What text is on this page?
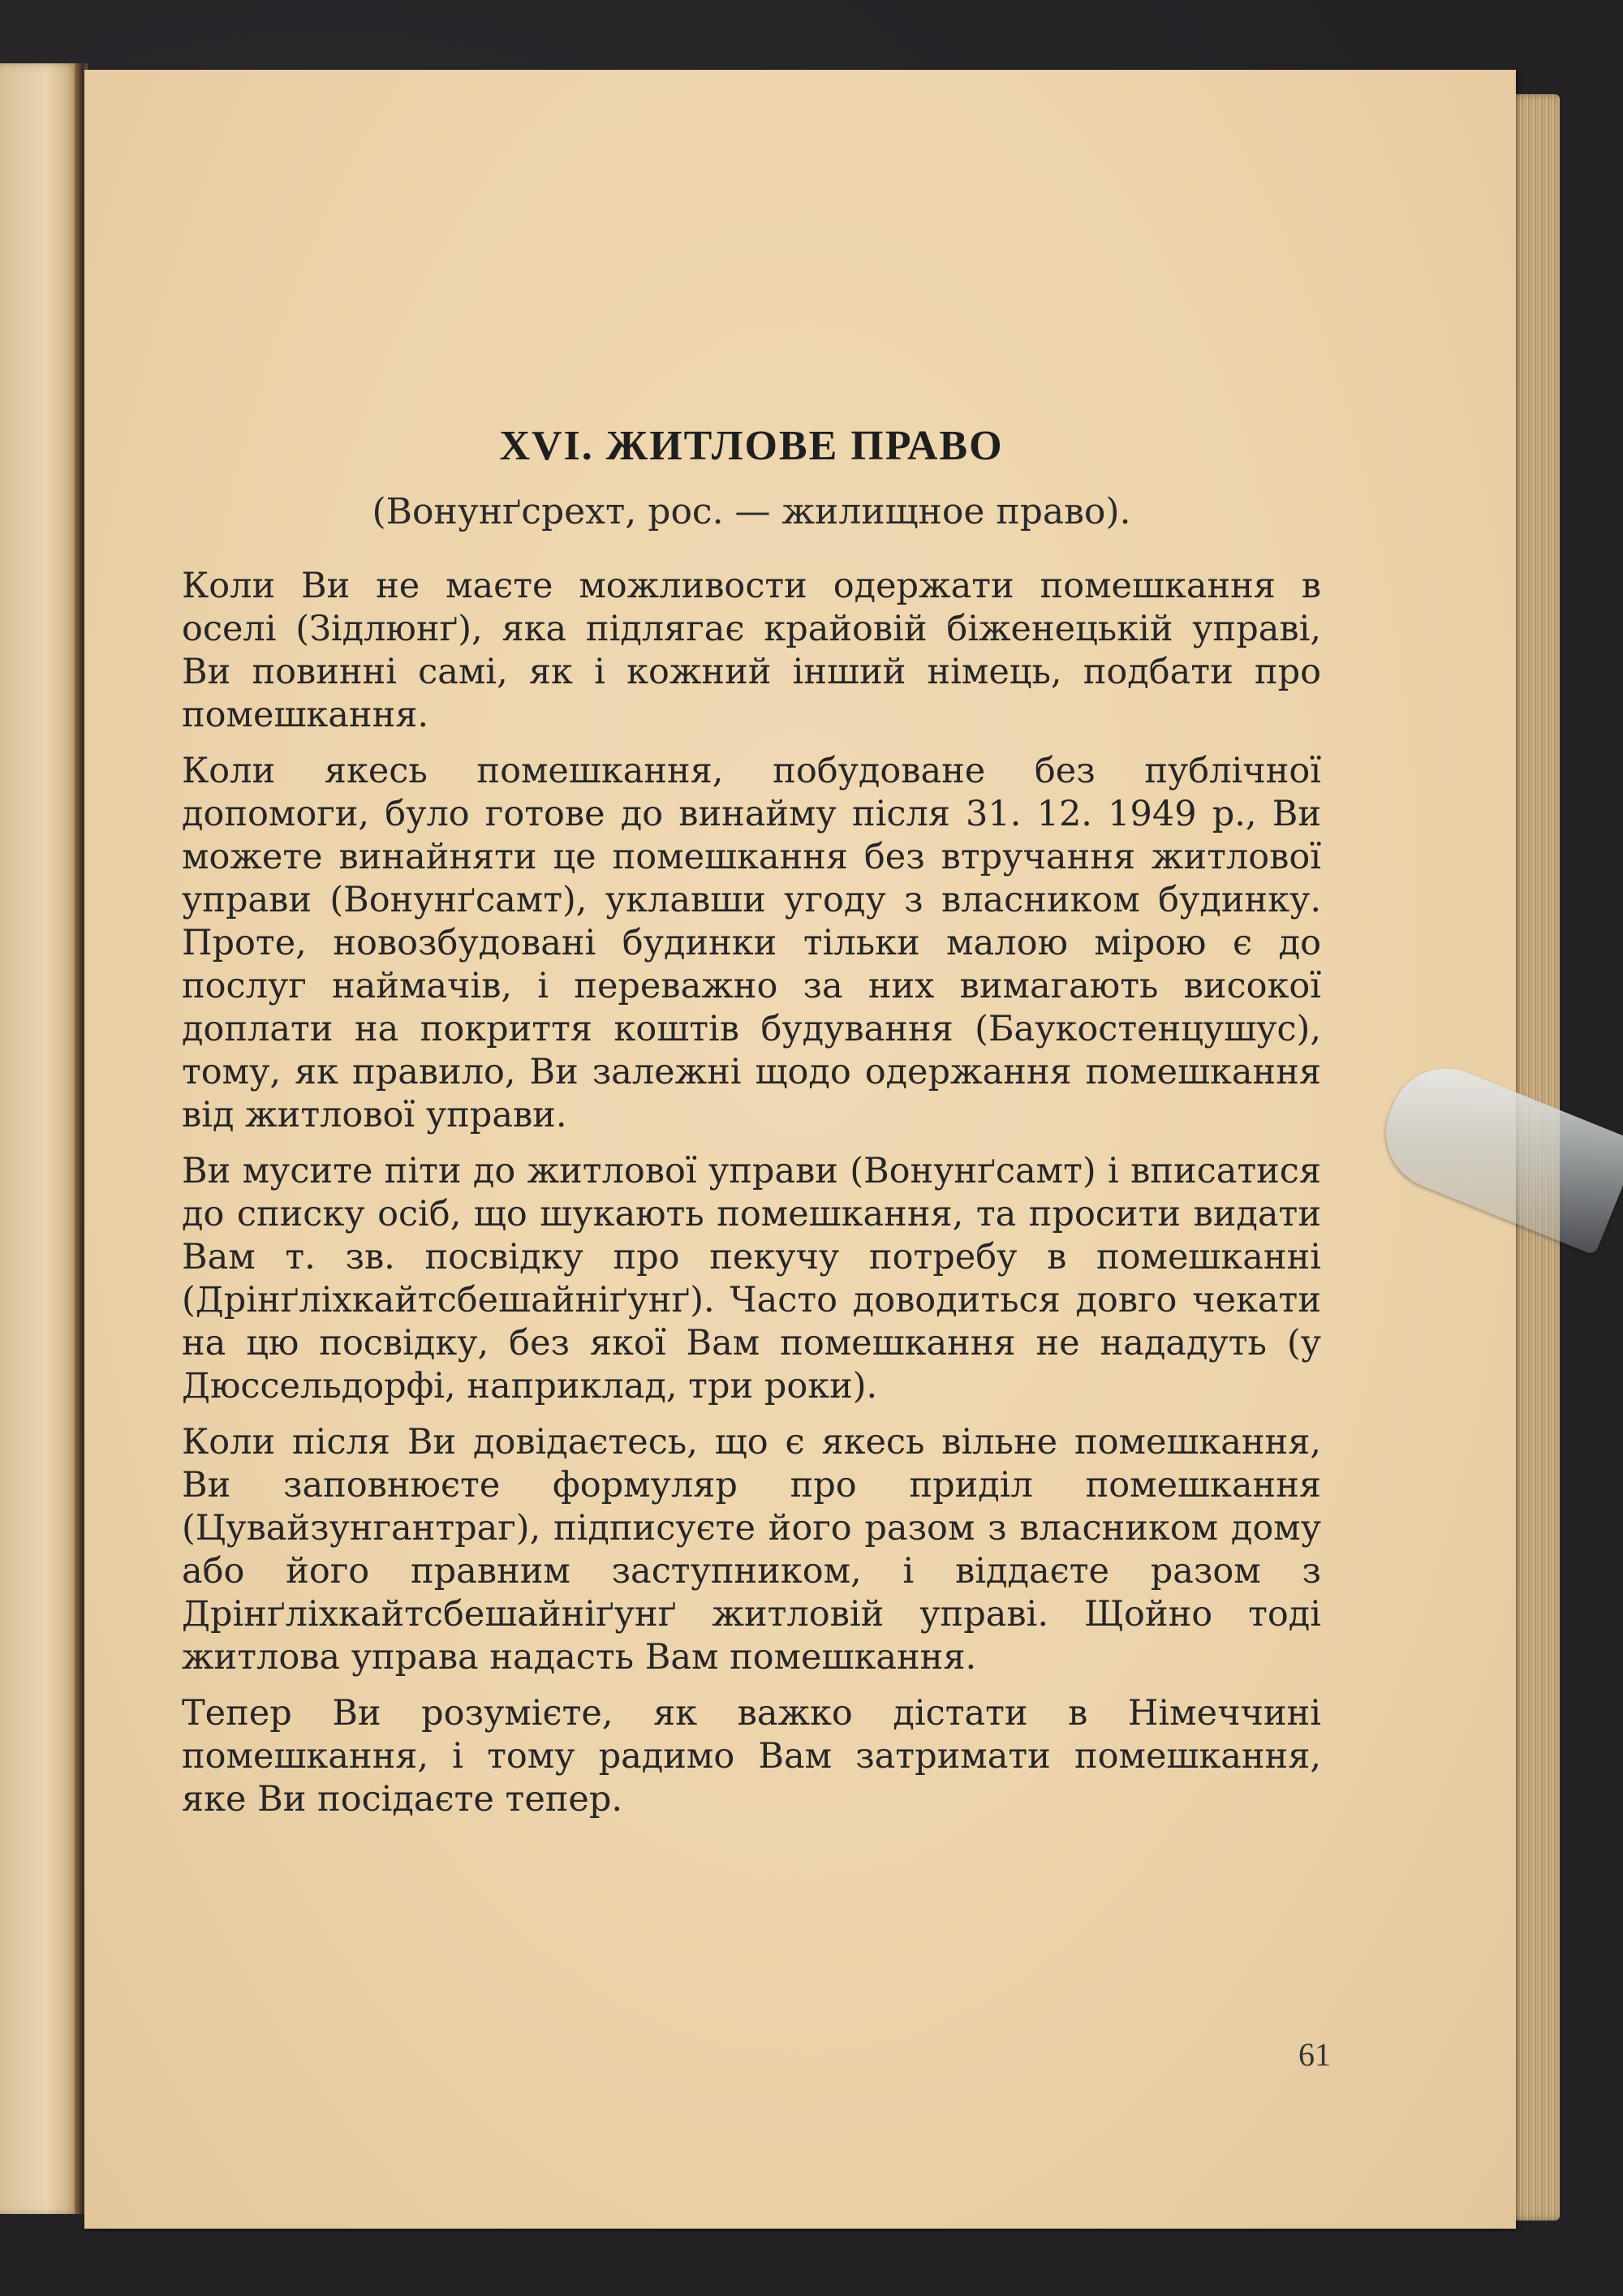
XVI. ЖИТЛОВЕ ПРАВО
(Вонунґсрехт, рос. — жилищное право).

Коли Ви не маєте можливости одержати помешкання в оселі (Зідлюнґ), яка підлягає крайовій біженецькій управі, Ви повинні самі, як і кожний інший німець, подбати про помешкання.

Коли якесь помешкання, побудоване без публічної допомоги, було готове до винайму після 31. 12. 1949 р., Ви можете винайняти це помешкання без втручання житлової управи (Вонунґсамт), уклавши угоду з власником будинку. Проте, новозбудовані будинки тільки малою мірою є до послуг наймачів, і переважно за них вимагають високої доплати на покриття коштів будування (Баукостенцушус), тому, як правило, Ви залежні щодо одержання помешкання від житлової управи.

Ви мусите піти до житлової управи (Вонунґсамт) і вписатися до списку осіб, що шукають помешкання, та просити видати Вам т. зв. посвідку про пекучу потребу в помешканні (Дрінґліхкайтсбешайніґунґ). Часто доводиться довго чекати на цю посвідку, без якої Вам помешкання не нададуть (у Дюссельдорфі, наприклад, три роки).

Коли після Ви довідаєтесь, що є якесь вільне помешкання, Ви заповнюєте формуляр про приділ помешкання (Цувайзунгантраг), підписуєте його разом з власником дому або його правним заступником, і віддаєте разом з Дрінґліхкайтсбешайніґунґ житловій управі. Щойно тоді житлова управа надасть Вам помешкання.

Тепер Ви розумієте, як важко дістати в Німеччині помешкання, і тому радимо Вам затримати помешкання, яке Ви посідаєте тепер.

61
